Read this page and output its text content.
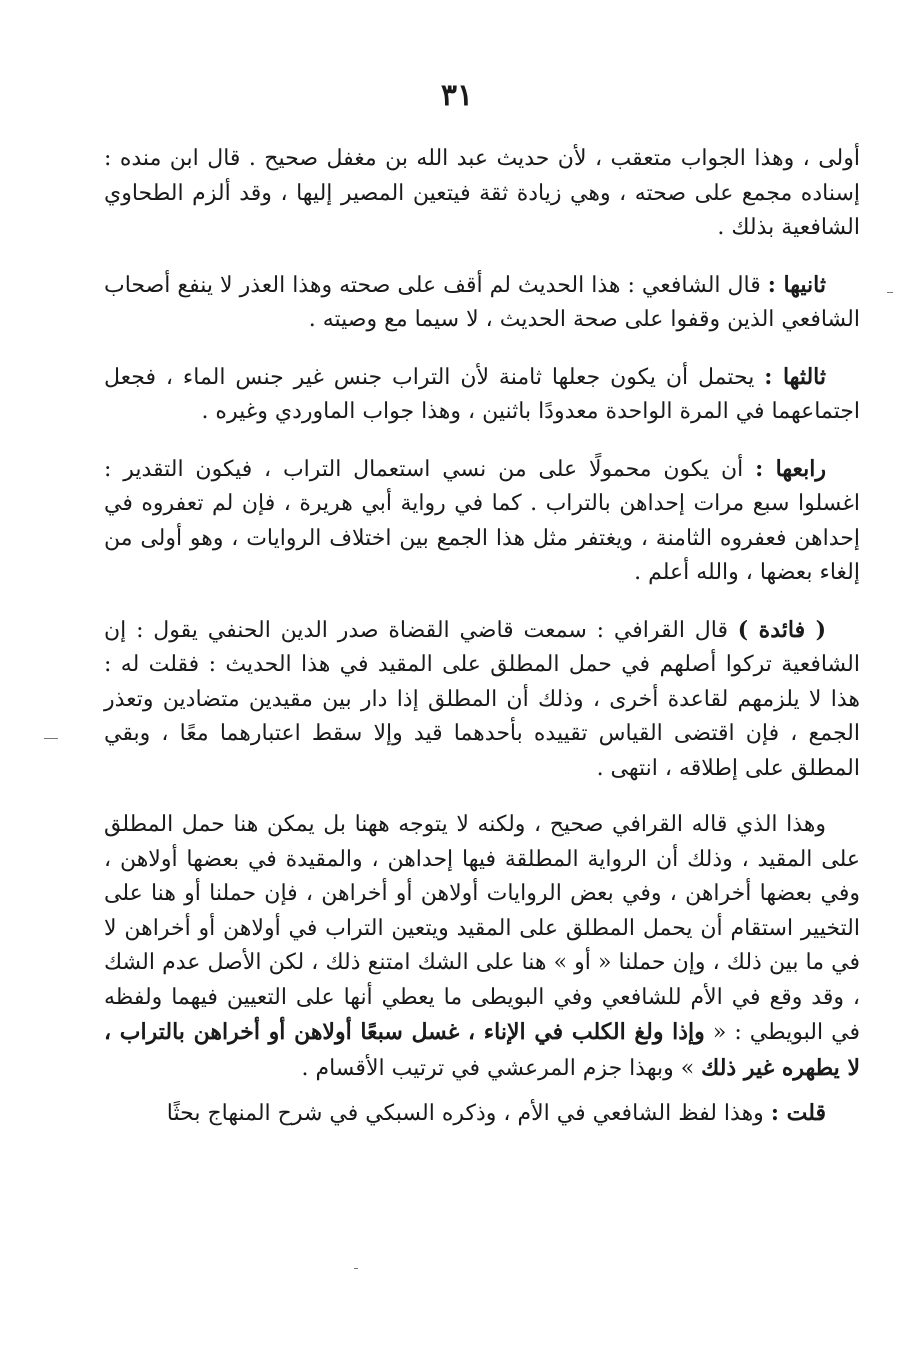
٣١

أولى ، وهذا الجواب متعقب ، لأن حديث عبد الله بن مغفل صحيح . قال ابن منده : إسناده مجمع على صحته ، وهي زيادة ثقة فيتعين المصير إليها ، وقد ألزم الطحاوي الشافعية بذلك .

ثانيها : قال الشافعي : هذا الحديث لم أقف على صحته وهذا العذر لا ينفع أصحاب الشافعي الذين وقفوا على صحة الحديث ، لا سيما مع وصيته .

ثالثها : يحتمل أن يكون جعلها ثامنة لأن التراب جنس غير جنس الماء ، فجعل اجتماعهما في المرة الواحدة معدودًا باثنين ، وهذا جواب الماوردي وغيره .

رابعها : أن يكون محمولًا على من نسي استعمال التراب ، فيكون التقدير : اغسلوا سبع مرات إحداهن بالتراب . كما في رواية أبي هريرة ، فإن لم تعفروه في إحداهن فعفروه الثامنة ، ويغتفر مثل هذا الجمع بين اختلاف الروايات ، وهو أولى من إلغاء بعضها ، والله أعلم .

( فائدة ) قال القرافي : سمعت قاضي القضاة صدر الدين الحنفي يقول : إن الشافعية تركوا أصلهم في حمل المطلق على المقيد في هذا الحديث : فقلت له : هذا لا يلزمهم لقاعدة أخرى ، وذلك أن المطلق إذا دار بين مقيدين متضادين وتعذر الجمع ، فإن اقتضى القياس تقييده بأحدهما قيد وإلا سقط اعتبارهما معًا ، وبقي المطلق على إطلاقه ، انتهى .

وهذا الذي قاله القرافي صحيح ، ولكنه لا يتوجه ههنا بل يمكن هنا حمل المطلق على المقيد ، وذلك أن الرواية المطلقة فيها إحداهن ، والمقيدة في بعضها أولاهن ، وفي بعضها أخراهن ، وفي بعض الروايات أولاهن أو أخراهن ، فإن حملنا أو هنا على التخيير استقام أن يحمل المطلق على المقيد ويتعين التراب في أولاهن أو أخراهن لا في ما بين ذلك ، وإن حملنا « أو » هنا على الشك امتنع ذلك ، لكن الأصل عدم الشك ، وقد وقع في الأم للشافعي وفي البويطى ما يعطي أنها على التعيين فيهما ولفظه في البويطي : « وإذا ولغ الكلب في الإناء ، غسل سبعًا أولاهن أو أخراهن بالتراب ، لا يطهره غير ذلك » وبهذا جزم المرعشي في ترتيب الأقسام .

قلت : وهذا لفظ الشافعي في الأم ، وذكره السبكي في شرح المنهاج بحثًا
